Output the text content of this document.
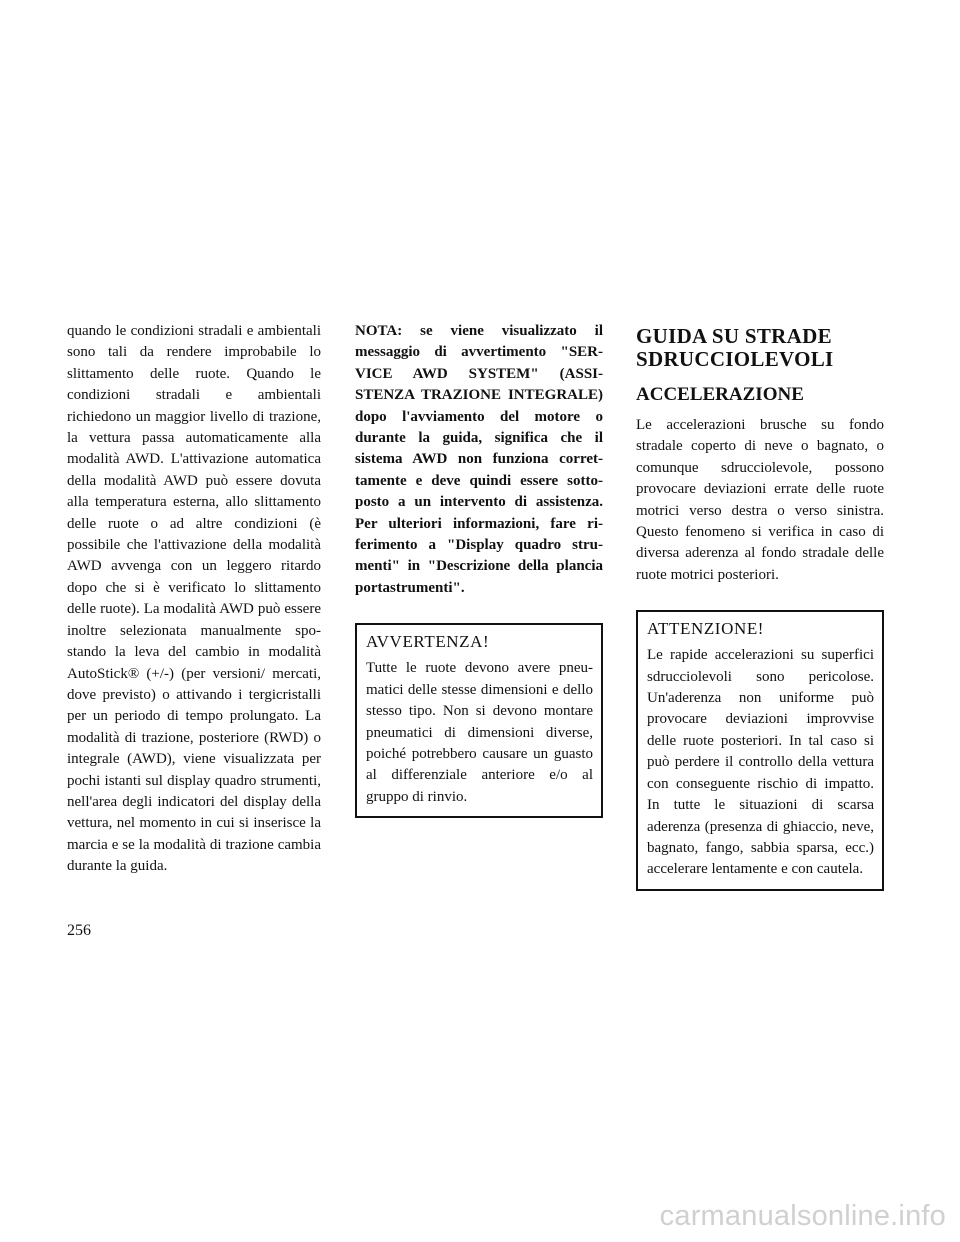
quando le condizioni stradali e ambientali sono tali da rendere improbabile lo slittamento delle ruote. Quando le condizioni stradali e ambientali richiedono un maggior livello di trazione, la vettura passa automaticamente alla modalità AWD. L'attivazione automatica della modalità AWD può essere dovuta alla temperatura esterna, allo slittamento delle ruote o ad altre condizioni (è possibile che l'attivazione della modalità AWD avvenga con un leggero ritardo dopo che si è verificato lo slittamento delle ruote). La modalità AWD può essere inoltre selezionata manualmente spostando la leva del cambio in modalità AutoStick® (+/-) (per versioni/ mercati, dove previsto) o attivando i tergicristalli per un periodo di tempo prolungato. La modalità di trazione, posteriore (RWD) o integrale (AWD), viene visualizzata per pochi istanti sul display quadro strumenti, nell'area degli indicatori del display della vettura, nel momento in cui si inserisce la marcia e se la modalità di trazione cambia durante la guida.

NOTA: se viene visualizzato il messaggio di avvertimento "SERVICE AWD SYSTEM" (ASSISTENZA TRAZIONE INTEGRALE) dopo l'avviamento del motore o durante la guida, significa che il sistema AWD non funziona correttamente e deve quindi essere sottoposto a un intervento di assistenza. Per ulteriori informazioni, fare riferimento a "Display quadro strumenti" in "Descrizione della plancia portastrumenti".

AVVERTENZA!

Tutte le ruote devono avere pneumatici delle stesse dimensioni e dello stesso tipo. Non si devono montare pneumatici di dimensioni diverse, poiché potrebbero causare un guasto al differenziale anteriore e/o al gruppo di rinvio.

GUIDA SU STRADE SDRUCCIOLEVOLI
ACCELERAZIONE

Le accelerazioni brusche su fondo stradale coperto di neve o bagnato, o comunque sdrucciolevole, possono provocare deviazioni errate delle ruote motrici verso destra o verso sinistra. Questo fenomeno si verifica in caso di diversa aderenza al fondo stradale delle ruote motrici posteriori.

ATTENZIONE!

Le rapide accelerazioni su superfici sdrucciolevoli sono pericolose. Un'aderenza non uniforme può provocare deviazioni improvvise delle ruote posteriori. In tal caso si può perdere il controllo della vettura con conseguente rischio di impatto. In tutte le situazioni di scarsa aderenza (presenza di ghiaccio, neve, bagnato, fango, sabbia sparsa, ecc.) accelerare lentamente e con cautela.

256
carmanualsonline.info
